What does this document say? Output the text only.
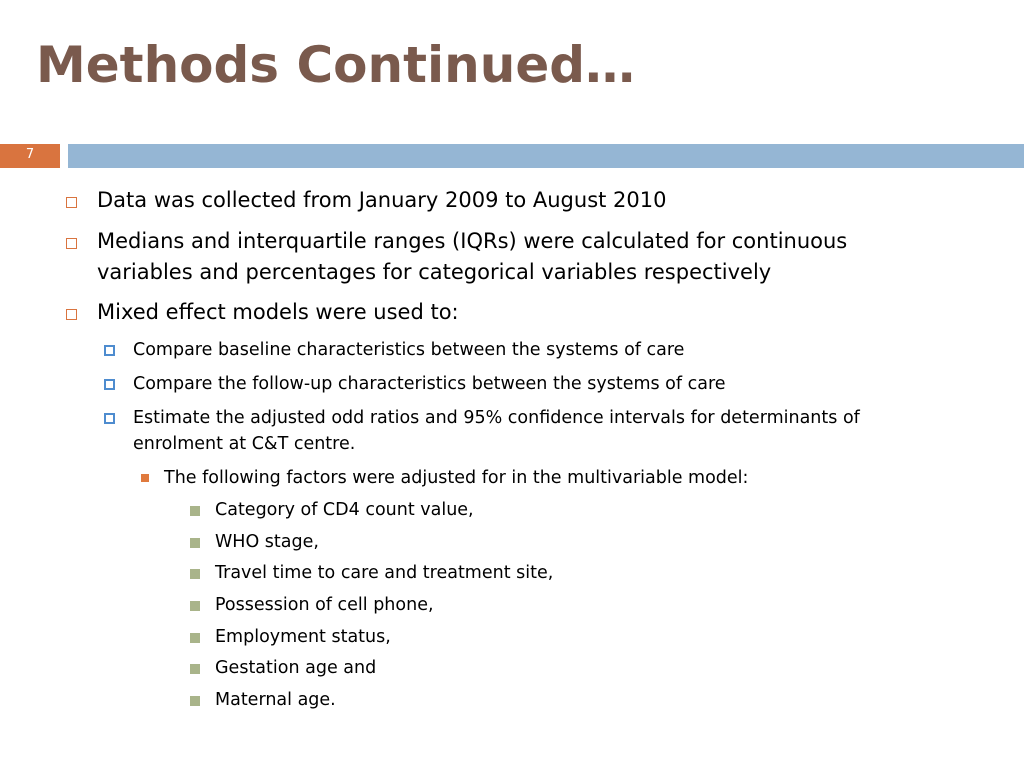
Methods Continued…
7
Data was collected from January 2009 to August 2010
Medians and interquartile ranges (IQRs) were calculated for continuous
variables and percentages for categorical variables respectively
Mixed effect models were used to:
Compare baseline characteristics between the systems of care
Compare the follow-up characteristics between the systems of care
Estimate the adjusted odd ratios and 95% confidence intervals for determinants of
enrolment at C&T centre.
The following factors were adjusted for in the multivariable model:
Category of CD4 count value,
WHO stage,
Travel time to care and treatment site,
Possession of cell phone,
Employment status,
Gestation age and
Maternal age.
